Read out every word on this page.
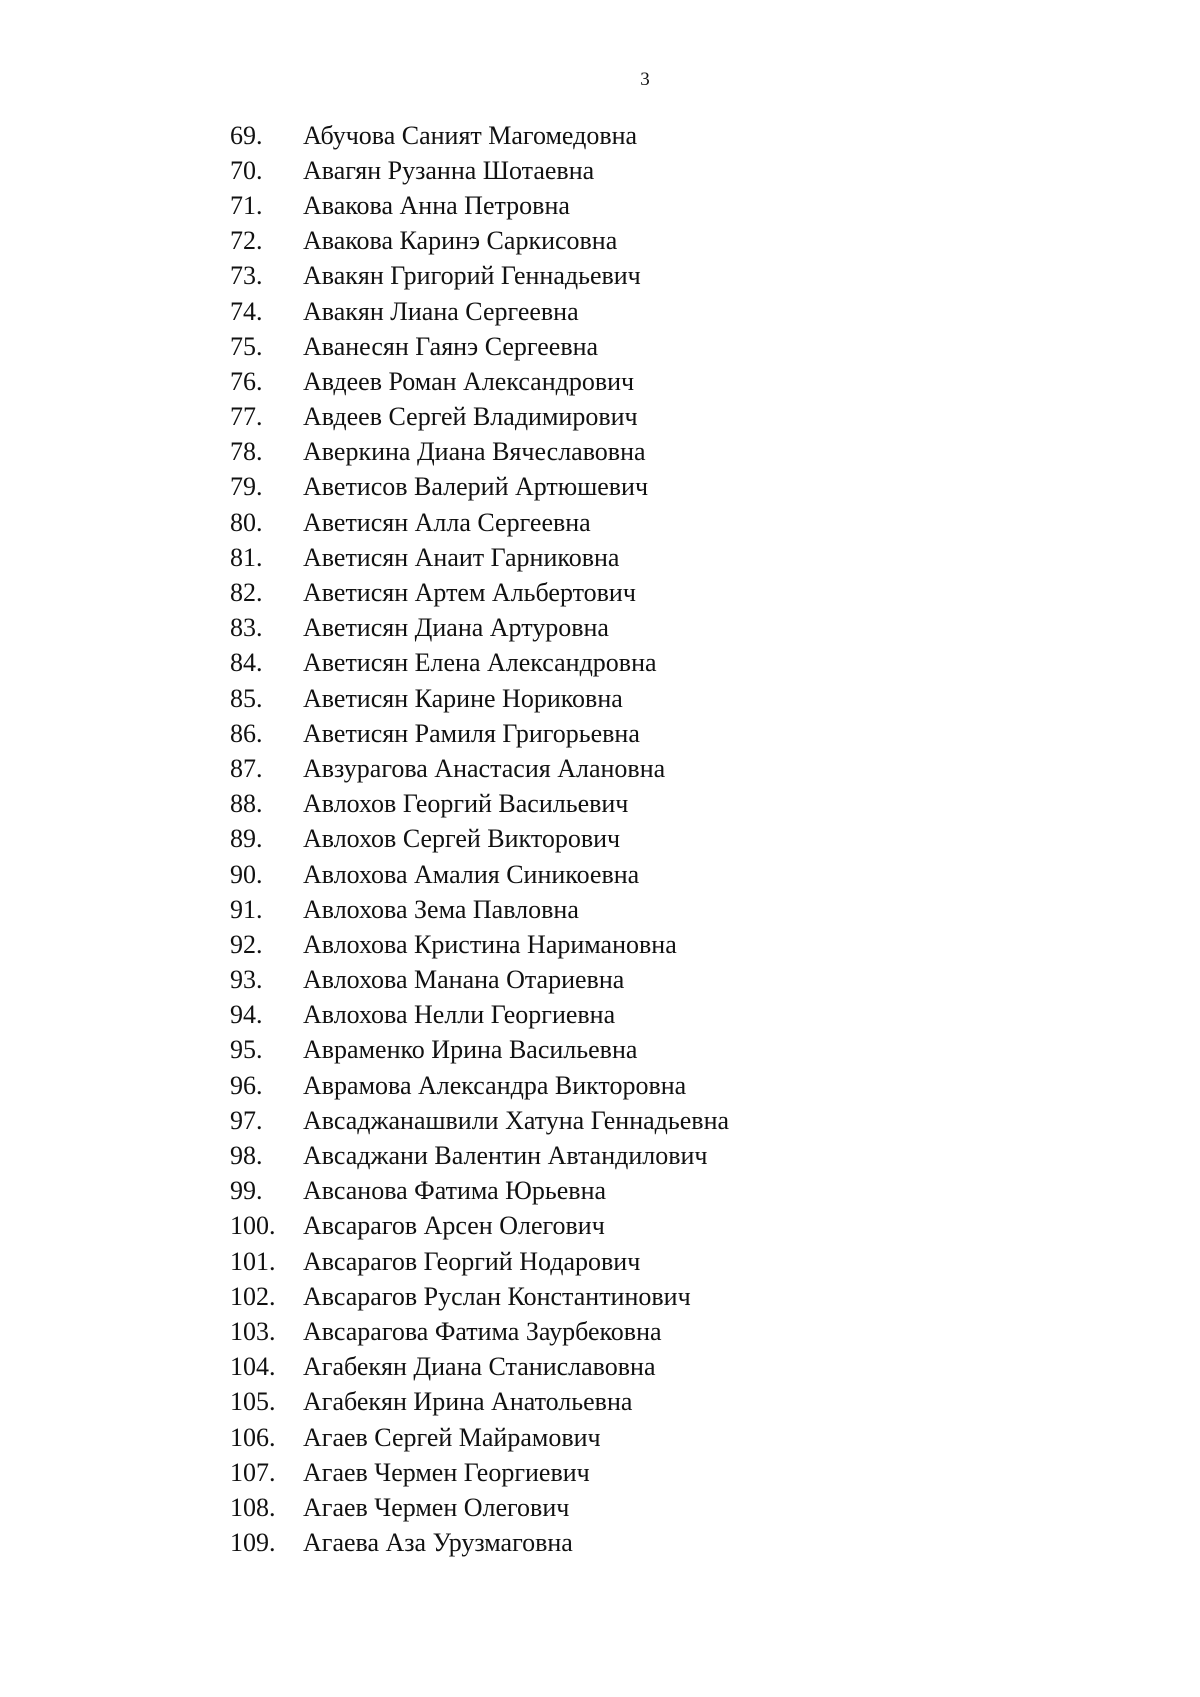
3
69.	Абучова Саният Магомедовна
70.	Авагян Рузанна Шотаевна
71.	Авакова Анна Петровна
72.	Авакова Каринэ Саркисовна
73.	Авакян Григорий Геннадьевич
74.	Авакян Лиана Сергеевна
75.	Аванесян Гаянэ Сергеевна
76.	Авдеев Роман Александрович
77.	Авдеев Сергей Владимирович
78.	Аверкина Диана Вячеславовна
79.	Аветисов Валерий Артюшевич
80.	Аветисян Алла Сергеевна
81.	Аветисян Анаит Гарниковна
82.	Аветисян Артем Альбертович
83.	Аветисян Диана Артуровна
84.	Аветисян Елена Александровна
85.	Аветисян Карине Нориковна
86.	Аветисян Рамиля Григорьевна
87.	Авзурагова Анастасия Алановна
88.	Авлохов Георгий Васильевич
89.	Авлохов Сергей Викторович
90.	Авлохова Амалия Синикоевна
91.	Авлохова Зема Павловна
92.	Авлохова Кристина Наримановна
93.	Авлохова Манана Отариевна
94.	Авлохова Нелли Георгиевна
95.	Авраменко Ирина Васильевна
96.	Аврамова Александра Викторовна
97.	Авсаджанашвили Хатуна Геннадьевна
98.	Авсаджани Валентин Автандилович
99.	Авсанова Фатима Юрьевна
100.	Авсарагов Арсен Олегович
101.	Авсарагов Георгий Нодарович
102.	Авсарагов Руслан Константинович
103.	Авсарагова Фатима Заурбековна
104.	Агабекян Диана Станиславовна
105.	Агабекян Ирина Анатольевна
106.	Агаев Сергей Майрамович
107.	Агаев Чермен Георгиевич
108.	Агаев Чермен Олегович
109.	Агаева Аза Урузмаговна
